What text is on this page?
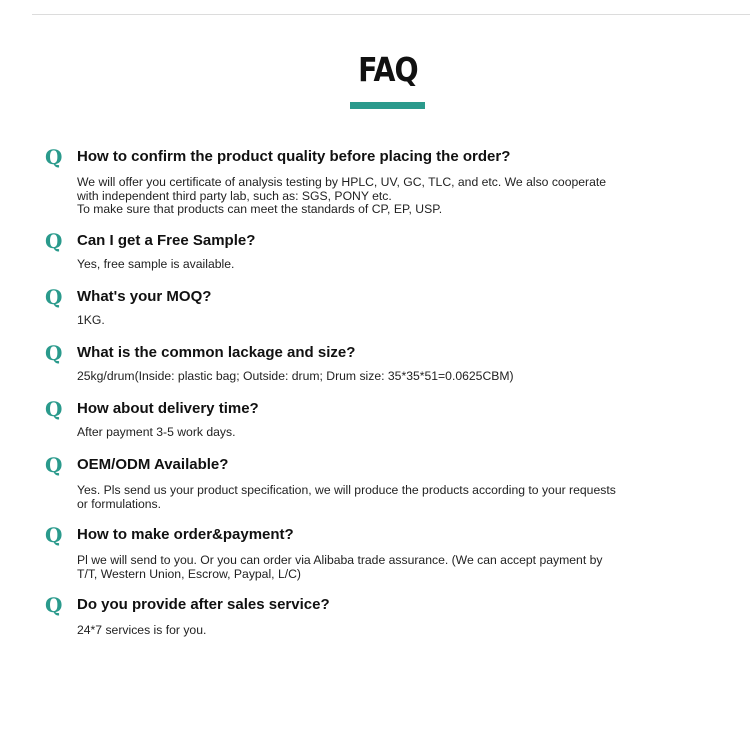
FAQ
Q How to confirm the product quality before placing the order?
We will offer you certificate of analysis testing by HPLC, UV, GC, TLC, and etc. We also cooperate
with independent third party lab, such as: SGS, PONY etc.
To make sure that products can meet the standards of CP, EP, USP.
Q Can I get a Free Sample?
Yes, free sample is available.
Q What's your MOQ?
1KG.
Q What is the common lackage and size?
25kg/drum(Inside: plastic bag; Outside: drum; Drum size: 35*35*51=0.0625CBM)
Q How about delivery time?
After payment 3-5 work days.
Q OEM/ODM Available?
Yes. Pls send us your product specification, we will produce the products according to your requests
or formulations.
Q How to make order&payment?
Pl we will send to you. Or you can order via Alibaba trade assurance. (We can accept payment by
T/T, Western Union, Escrow, Paypal, L/C)
Q Do you provide after sales service?
24*7 services is for you.
